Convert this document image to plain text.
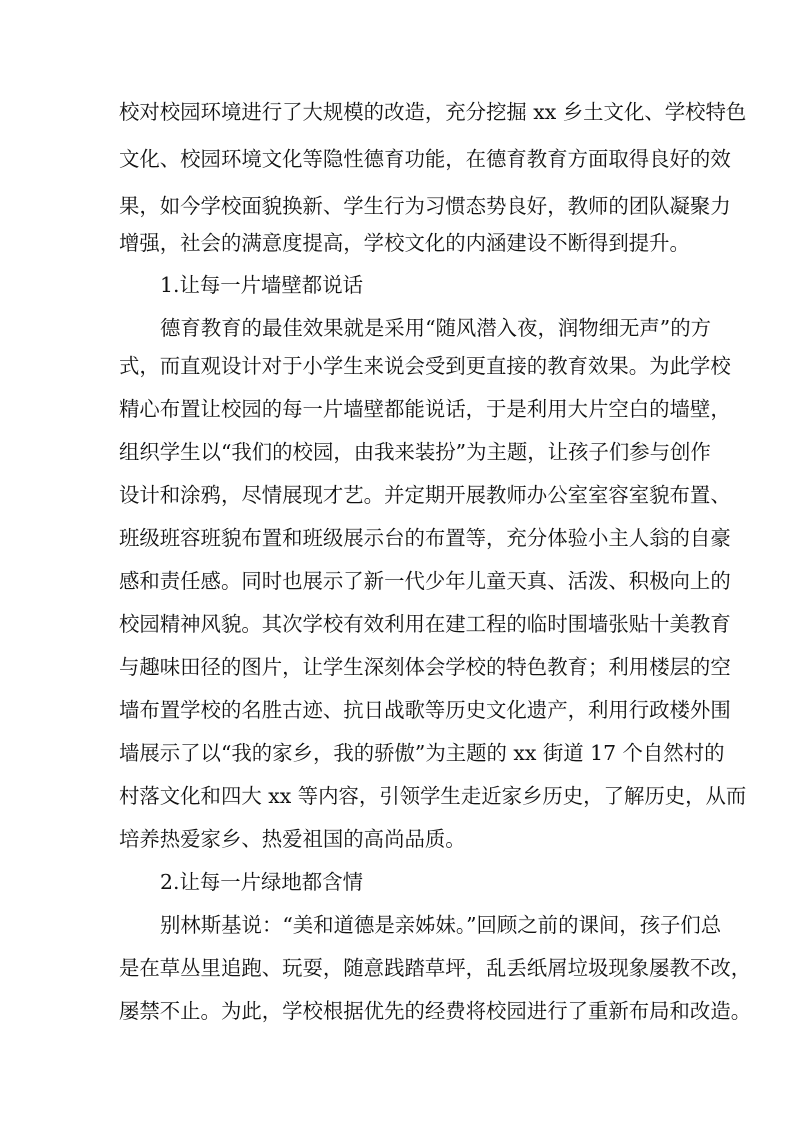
校对校园环境进行了大规模的改造，充分挖掘 xx 乡土文化、学校特色
文化、校园环境文化等隐性德育功能，在德育教育方面取得良好的效
果，如今学校面貌换新、学生行为习惯态势良好，教师的团队凝聚力
增强，社会的满意度提高，学校文化的内涵建设不断得到提升。
1.让每一片墙壁都说话
德育教育的最佳效果就是采用“随风潜入夜，润物细无声”的方
式，而直观设计对于小学生来说会受到更直接的教育效果。为此学校
精心布置让校园的每一片墙壁都能说话，于是利用大片空白的墙壁，
组织学生以“我们的校园，由我来装扮”为主题，让孩子们参与创作
设计和涂鸦，尽情展现才艺。并定期开展教师办公室室容室貌布置、
班级班容班貌布置和班级展示台的布置等，充分体验小主人翁的自豪
感和责任感。同时也展示了新一代少年儿童天真、活泼、积极向上的
校园精神风貌。其次学校有效利用在建工程的临时围墙张贴十美教育
与趣味田径的图片，让学生深刻体会学校的特色教育；利用楼层的空
墙布置学校的名胜古迹、抗日战歌等历史文化遗产，利用行政楼外围
墙展示了以“我的家乡，我的骄傲”为主题的 xx 街道 17 个自然村的
村落文化和四大 xx 等内容，引领学生走近家乡历史，了解历史，从而
培养热爱家乡、热爱祖国的高尚品质。
2.让每一片绿地都含情
别林斯基说：“美和道德是亲姊妹。”回顾之前的课间，孩子们总
是在草丛里追跑、玩耍，随意践踏草坪，乱丢纸屑垃圾现象屡教不改，
屡禁不止。为此，学校根据优先的经费将校园进行了重新布局和改造。
